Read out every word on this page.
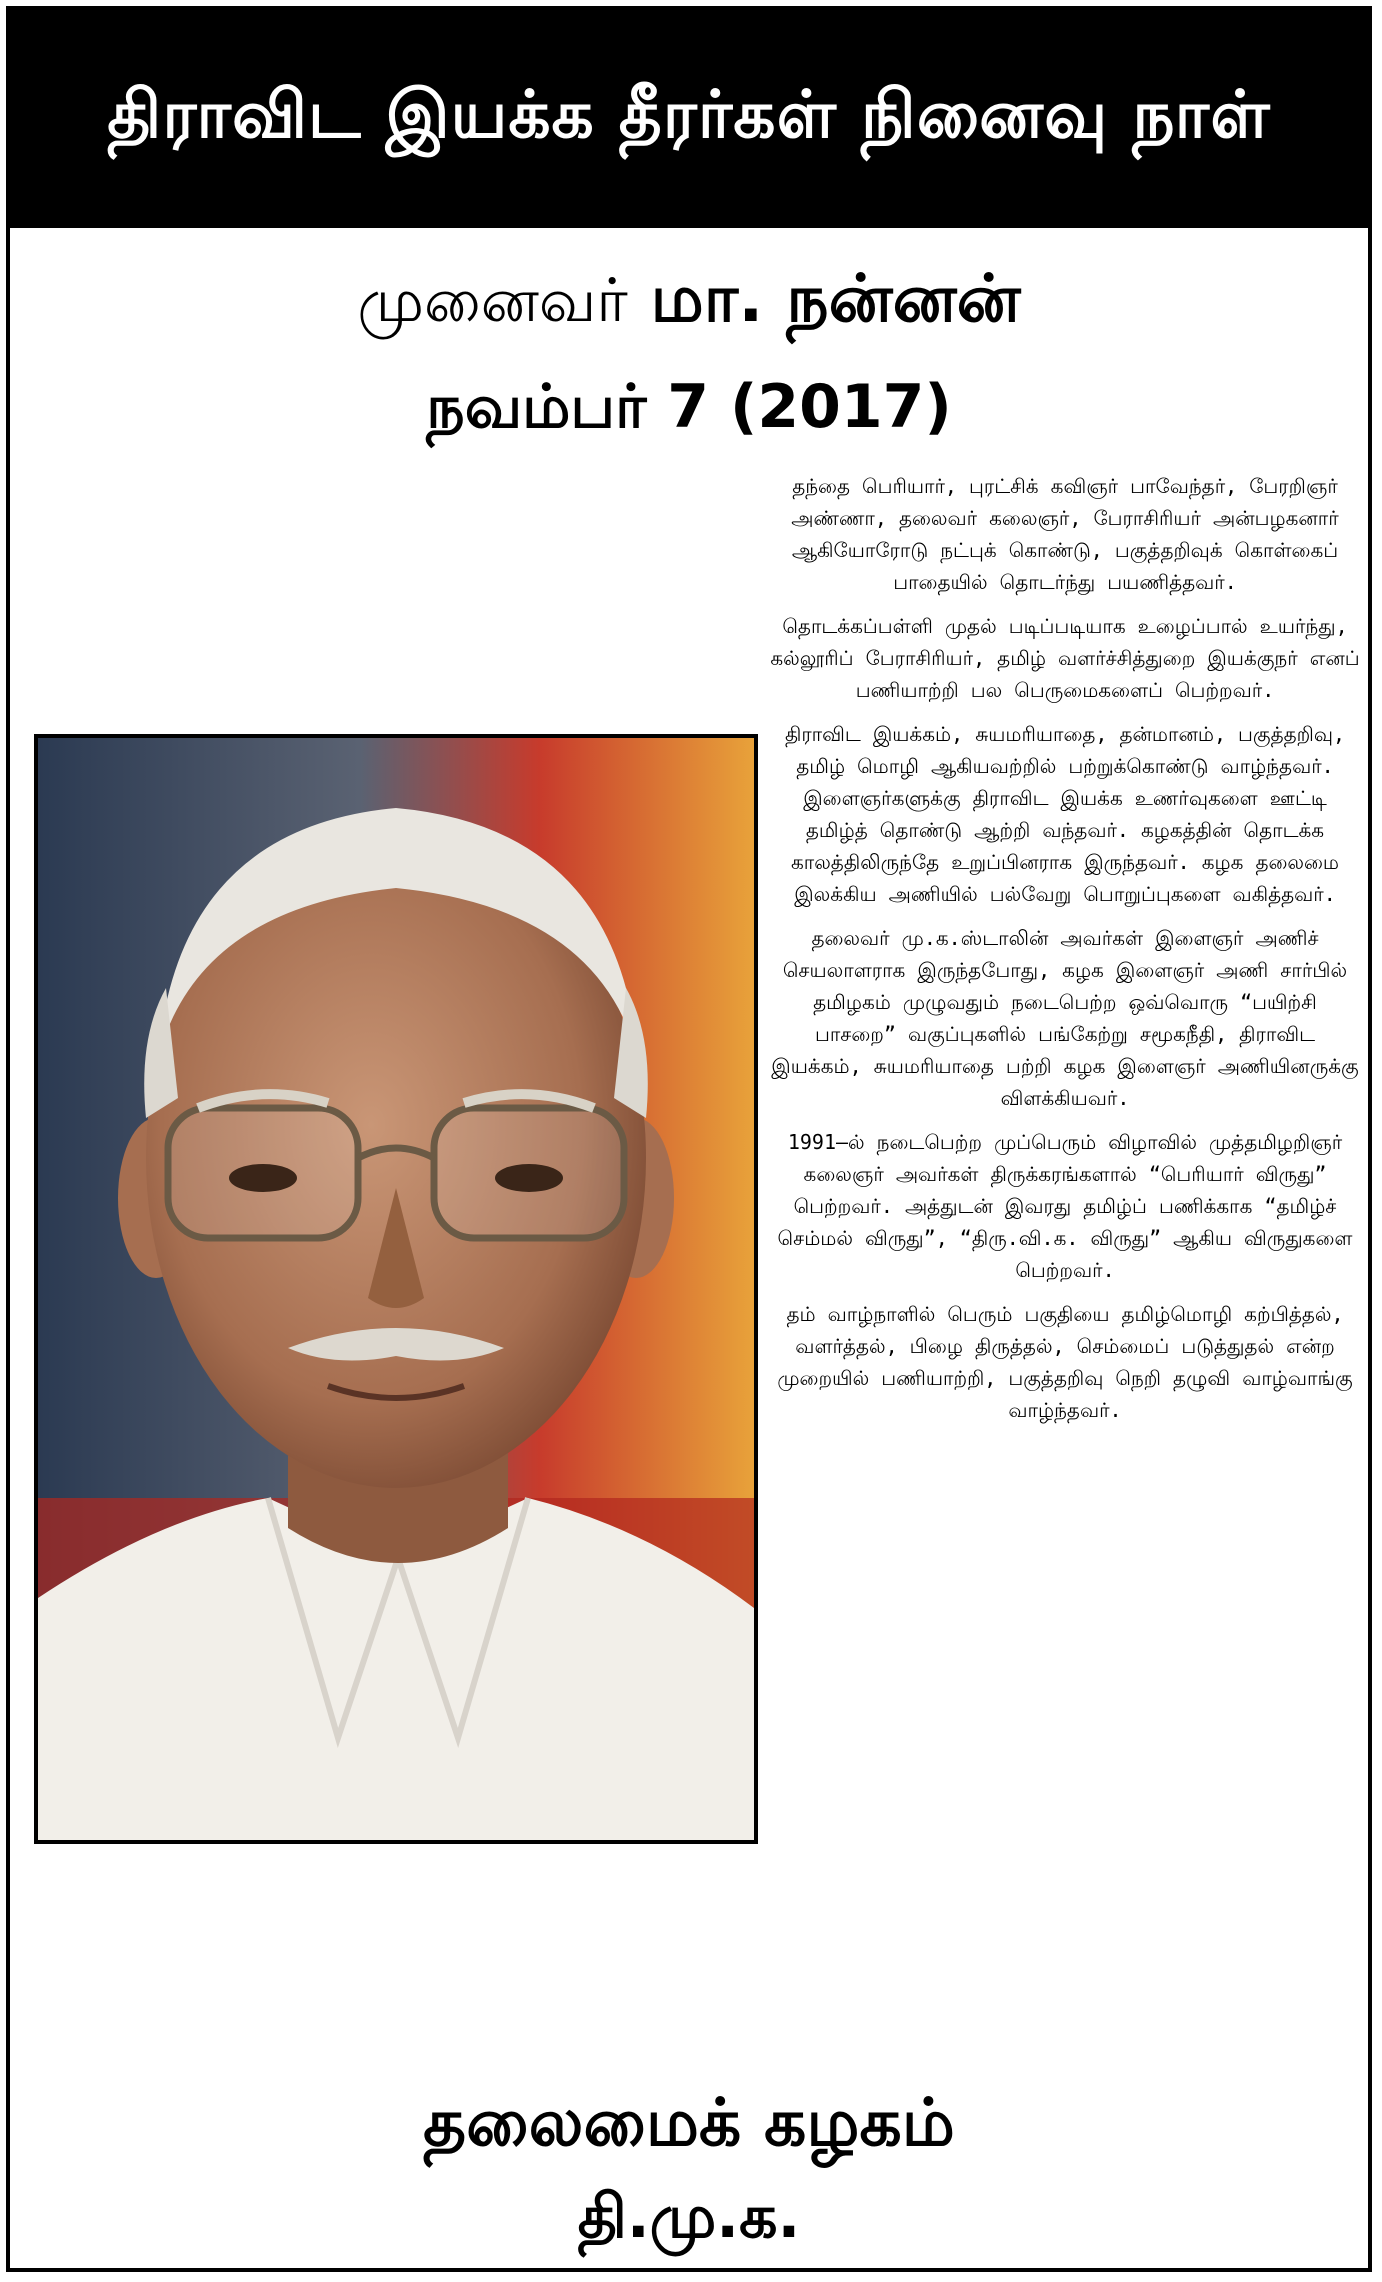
திராவிட இயக்க தீரர்கள் நினைவு நாள்
முனைவர் மா. நன்னன்
நவம்பர் 7 (2017)

தந்தை பெரியார், புரட்சிக் கவிஞர் பாவேந்தர், பேரறிஞர் அண்ணா, தலைவர் கலைஞர், பேராசிரியர் அன்பழகனார் ஆகியோரோடு நட்புக் கொண்டு, பகுத்தறிவுக் கொள்கைப் பாதையில் தொடர்ந்து பயணித்தவர்.

தொடக்கப்பள்ளி முதல் படிப்படியாக உழைப்பால் உயர்ந்து, கல்லூரிப் பேராசிரியர், தமிழ் வளர்ச்சித்துறை இயக்குநர் எனப் பணியாற்றி பல பெருமைகளைப் பெற்றவர்.

திராவிட இயக்கம், சுயமரியாதை, தன்மானம், பகுத்தறிவு, தமிழ் மொழி ஆகியவற்றில் பற்றுக்கொண்டு வாழ்ந்தவர். இளைஞர்களுக்கு திராவிட இயக்க உணர்வுகளை ஊட்டி தமிழ்த் தொண்டு ஆற்றி வந்தவர். கழகத்தின் தொடக்க காலத்திலிருந்தே உறுப்பினராக இருந்தவர். கழக தலைமை இலக்கிய அணியில் பல்வேறு பொறுப்புகளை வகித்தவர்.

தலைவர் மு.க.ஸ்டாலின் அவர்கள் இளைஞர் அணிச் செயலாளராக இருந்தபோது, கழக இளைஞர் அணி சார்பில் தமிழகம் முழுவதும் நடைபெற்ற ஒவ்வொரு “பயிற்சி பாசறை” வகுப்புகளில் பங்கேற்று சமூகநீதி, திராவிட இயக்கம், சுயமரியாதை பற்றி கழக இளைஞர் அணியினருக்கு விளக்கியவர்.

1991–ல் நடைபெற்ற முப்பெரும் விழாவில் முத்தமிழறிஞர் கலைஞர் அவர்கள் திருக்கரங்களால் “பெரியார் விருது” பெற்றவர். அத்துடன் இவரது தமிழ்ப் பணிக்காக “தமிழ்ச் செம்மல் விருது”, “திரு.வி.க. விருது” ஆகிய விருதுகளை பெற்றவர்.

தம் வாழ்நாளில் பெரும் பகுதியை தமிழ்மொழி கற்பித்தல், வளர்த்தல், பிழை திருத்தல், செம்மைப் படுத்துதல் என்ற முறையில் பணியாற்றி, பகுத்தறிவு நெறி தழுவி வாழ்வாங்கு வாழ்ந்தவர்.

தலைமைக் கழகம்
தி.மு.க.
